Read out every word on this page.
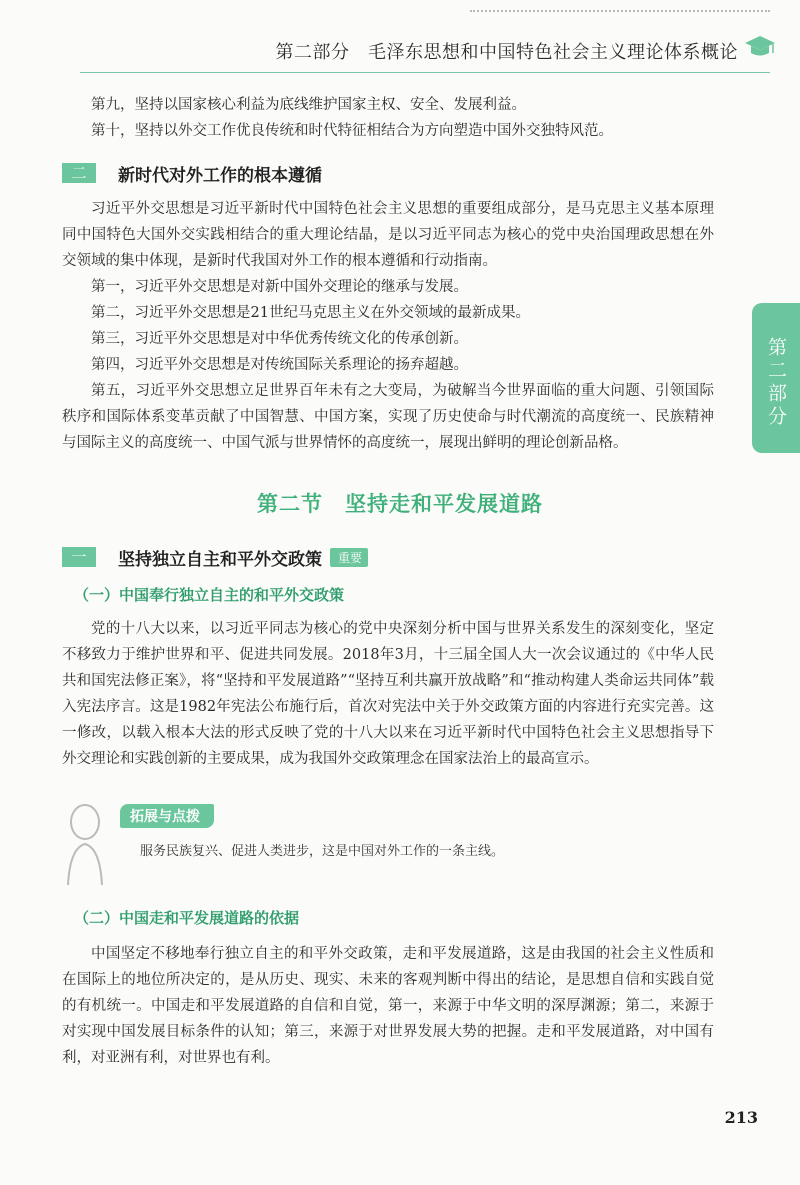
第二部分　毛泽东思想和中国特色社会主义理论体系概论
第二部分

第九，坚持以国家核心利益为底线维护国家主权、安全、发展利益。

第十，坚持以外交工作优良传统和时代特征相结合为方向塑造中国外交独特风范。

二	新时代对外工作的根本遵循

习近平外交思想是习近平新时代中国特色社会主义思想的重要组成部分，是马克思主义基本原理同中国特色大国外交实践相结合的重大理论结晶，是以习近平同志为核心的党中央治国理政思想在外交领域的集中体现，是新时代我国对外工作的根本遵循和行动指南。

第一，习近平外交思想是对新中国外交理论的继承与发展。

第二，习近平外交思想是21世纪马克思主义在外交领域的最新成果。

第三，习近平外交思想是对中华优秀传统文化的传承创新。

第四，习近平外交思想是对传统国际关系理论的扬弃超越。

第五，习近平外交思想立足世界百年未有之大变局，为破解当今世界面临的重大问题、引领国际秩序和国际体系变革贡献了中国智慧、中国方案，实现了历史使命与时代潮流的高度统一、民族精神与国际主义的高度统一、中国气派与世界情怀的高度统一，展现出鲜明的理论创新品格。

第二节　坚持走和平发展道路
一	坚持独立自主和平外交政策	重要

（一）中国奉行独立自主的和平外交政策

党的十八大以来，以习近平同志为核心的党中央深刻分析中国与世界关系发生的深刻变化，坚定不移致力于维护世界和平、促进共同发展。2018年3月，十三届全国人大一次会议通过的《中华人民共和国宪法修正案》，将“坚持和平发展道路”“坚持互利共赢开放战略”和“推动构建人类命运共同体”载入宪法序言。这是1982年宪法公布施行后，首次对宪法中关于外交政策方面的内容进行充实完善。这一修改，以载入根本大法的形式反映了党的十八大以来在习近平新时代中国特色社会主义思想指导下外交理论和实践创新的主要成果，成为我国外交政策理念在国家法治上的最高宣示。

拓展与点拨
服务民族复兴、促进人类进步，这是中国对外工作的一条主线。

（二）中国走和平发展道路的依据

中国坚定不移地奉行独立自主的和平外交政策，走和平发展道路，这是由我国的社会主义性质和在国际上的地位所决定的，是从历史、现实、未来的客观判断中得出的结论，是思想自信和实践自觉的有机统一。中国走和平发展道路的自信和自觉，第一，来源于中华文明的深厚渊源；第二，来源于对实现中国发展目标条件的认知；第三，来源于对世界发展大势的把握。走和平发展道路，对中国有利，对亚洲有利，对世界也有利。

213
